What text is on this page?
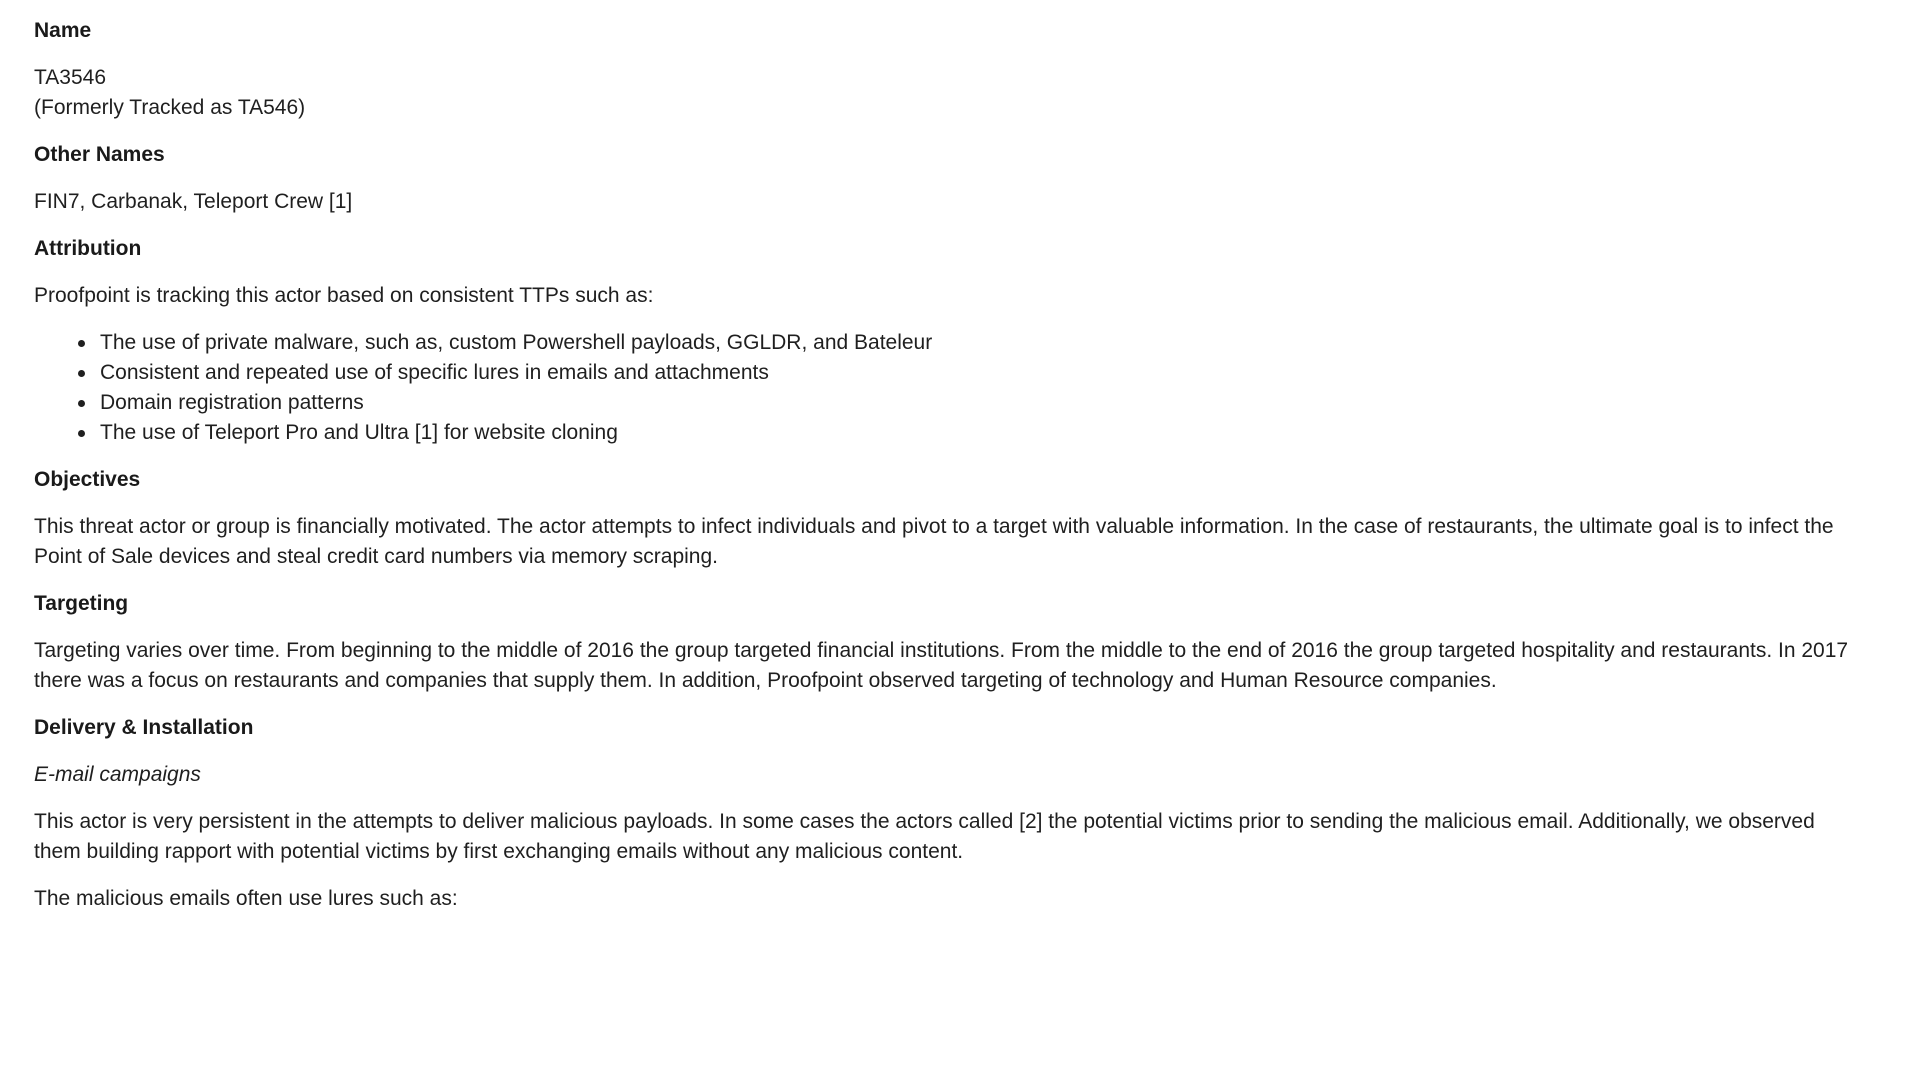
Name
TA3546
(Formerly Tracked as TA546)
Other Names
FIN7, Carbanak, Teleport Crew [1]
Attribution
Proofpoint is tracking this actor based on consistent TTPs such as:
The use of private malware, such as, custom Powershell payloads, GGLDR, and Bateleur
Consistent and repeated use of specific lures in emails and attachments
Domain registration patterns
The use of Teleport Pro and Ultra [1] for website cloning
Objectives
This threat actor or group is financially motivated. The actor attempts to infect individuals and pivot to a target with valuable information. In the case of restaurants, the ultimate goal is to infect the
Point of Sale devices and steal credit card numbers via memory scraping.
Targeting
Targeting varies over time. From beginning to the middle of 2016 the group targeted financial institutions. From the middle to the end of 2016 the group targeted hospitality and restaurants. In 2017
there was a focus on restaurants and companies that supply them. In addition, Proofpoint observed targeting of technology and Human Resource companies.
Delivery & Installation
E-mail campaigns
This actor is very persistent in the attempts to deliver malicious payloads. In some cases the actors called [2] the potential victims prior to sending the malicious email. Additionally, we observed
them building rapport with potential victims by first exchanging emails without any malicious content.
The malicious emails often use lures such as:
